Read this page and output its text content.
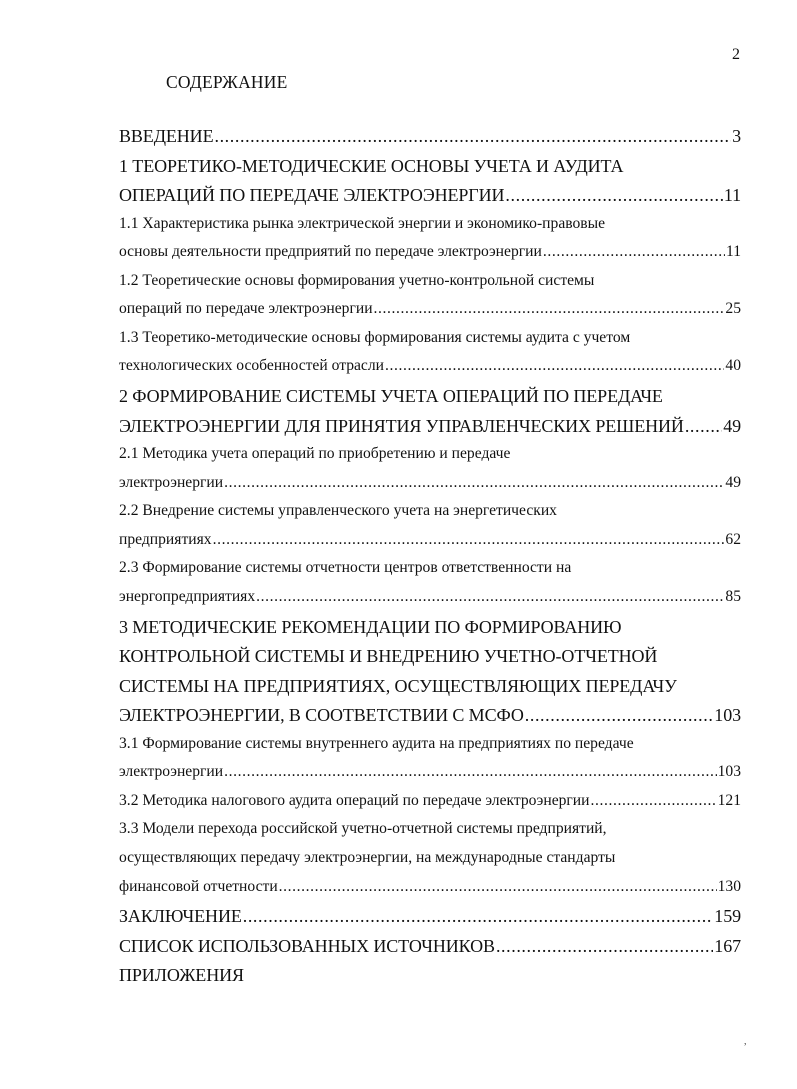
2
СОДЕРЖАНИЕ
ВВЕДЕНИЕ .....	3
1 ТЕОРЕТИКО-МЕТОДИЧЕСКИЕ ОСНОВЫ УЧЕТА И АУДИТА
ОПЕРАЦИЙ ПО ПЕРЕДАЧЕ ЭЛЕКТРОЭНЕРГИИ .....	11
1.1 Характеристика рынка электрической энергии и экономико-правовые
основы деятельности предприятий по передаче электроэнергии .....	11
1.2 Теоретические основы формирования учетно-контрольной системы
операций по передаче электроэнергии .....	25
1.3 Теоретико-методические основы формирования системы аудита с учетом
технологических особенностей отрасли .....	40
2 ФОРМИРОВАНИЕ СИСТЕМЫ УЧЕТА ОПЕРАЦИЙ ПО ПЕРЕДАЧЕ
ЭЛЕКТРОЭНЕРГИИ ДЛЯ ПРИНЯТИЯ УПРАВЛЕНЧЕСКИХ РЕШЕНИЙ ..... 49
2.1 Методика учета операций по приобретению и передаче
электроэнергии .....	49
2.2 Внедрение системы управленческого учета на энергетических
предприятиях .....	62
2.3 Формирование системы отчетности центров ответственности на
энергопредприятиях .....	85
3 МЕТОДИЧЕСКИЕ РЕКОМЕНДАЦИИ ПО ФОРМИРОВАНИЮ
КОНТРОЛЬНОЙ СИСТЕМЫ И ВНЕДРЕНИЮ УЧЕТНО-ОТЧЕТНОЙ
СИСТЕМЫ НА ПРЕДПРИЯТИЯХ, ОСУЩЕСТВЛЯЮЩИХ ПЕРЕДАЧУ
ЭЛЕКТРОЭНЕРГИИ, В СООТВЕТСТВИИ С МСФО .....	103
3.1 Формирование системы внутреннего аудита на предприятиях по передаче
электроэнергии .....	103
3.2 Методика налогового аудита операций по передаче электроэнергии .....	121
3.3 Модели перехода российской учетно-отчетной системы предприятий,
осуществляющих передачу электроэнергии, на международные стандарты
финансовой отчетности .....	130
ЗАКЛЮЧЕНИЕ .....	159
СПИСОК ИСПОЛЬЗОВАННЫХ ИСТОЧНИКОВ .....	167
ПРИЛОЖЕНИЯ
,
